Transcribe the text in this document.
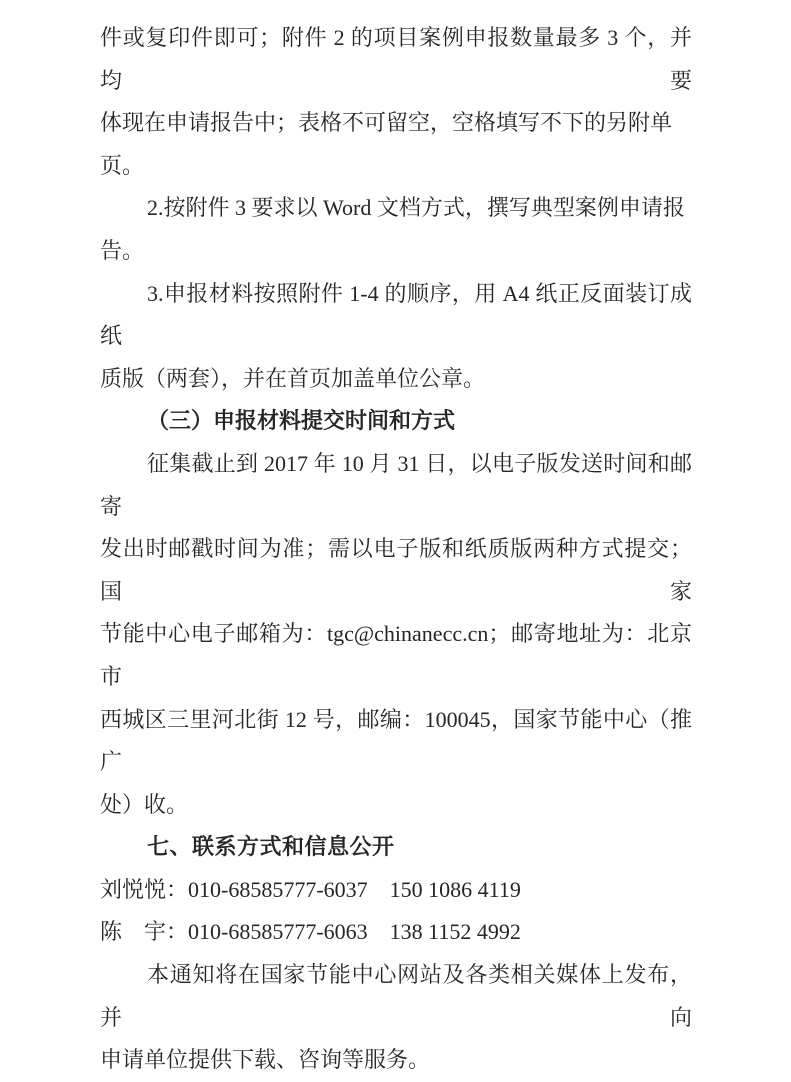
件或复印件即可；附件 2 的项目案例申报数量最多 3 个，并均要
体现在申请报告中；表格不可留空，空格填写不下的另附单页。
2.按附件 3 要求以 Word 文档方式，撰写典型案例申请报告。
3.申报材料按照附件 1-4 的顺序，用 A4 纸正反面装订成纸
质版（两套），并在首页加盖单位公章。
（三）申报材料提交时间和方式
征集截止到 2017 年 10 月 31 日，以电子版发送时间和邮寄
发出时邮戳时间为准；需以电子版和纸质版两种方式提交；国家
节能中心电子邮箱为：tgc@chinanecc.cn；邮寄地址为：北京市
西城区三里河北街 12 号，邮编：100045，国家节能中心（推广
处）收。
七、联系方式和信息公开
刘悦悦：010-68585777-6037　150 1086 4119
陈　宇：010-68585777-6063　138 1152 4992
本通知将在国家节能中心网站及各类相关媒体上发布，并向
申请单位提供下载、咨询等服务。
